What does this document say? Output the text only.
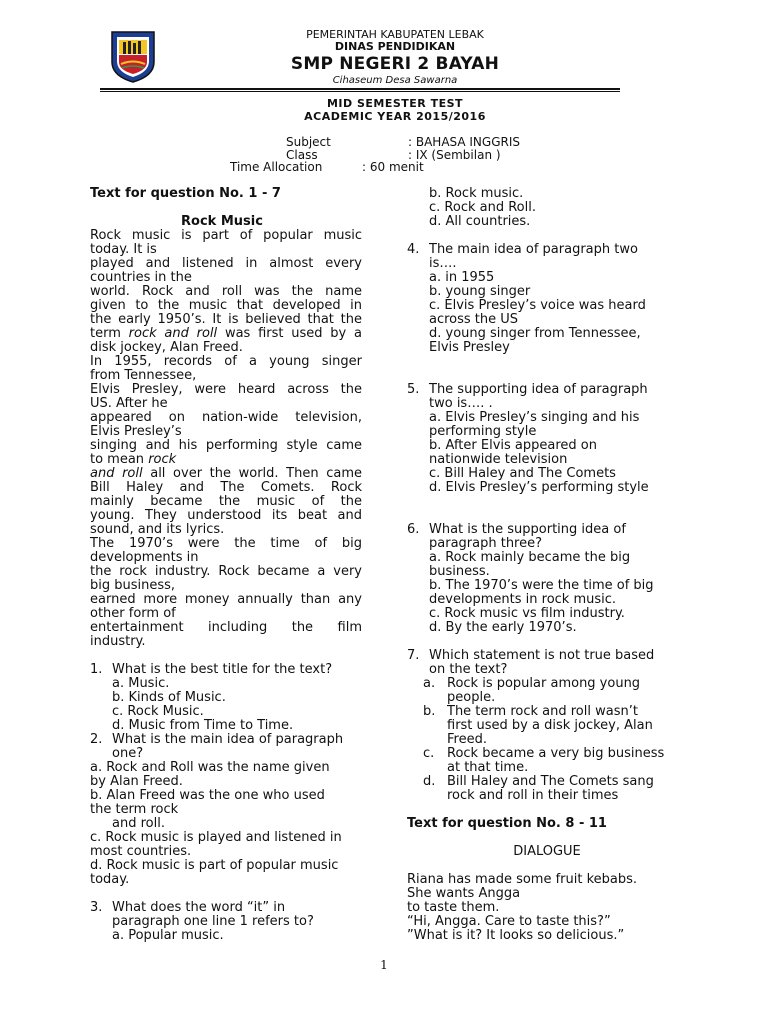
PEMERINTAH KABUPATEN LEBAK
DINAS PENDIDIKAN
SMP NEGERI 2 BAYAH
Cihaseum Desa Sawarna
MID SEMESTER TEST
ACADEMIC YEAR 2015/2016
Subject	: BAHASA INGGRIS
Class	: IX (Sembilan )
Time Allocation	: 60 menit

Text for question No. 1 - 7

Rock Music

Rock music is part of popular music

today. It is

played and listened in almost every

countries in the

world. Rock and roll was the name

given to the music that developed in

the early 1950’s. It is believed that the

term rock and roll was first used by a

disk jockey, Alan Freed.

In 1955, records of a young singer

from Tennessee,

Elvis Presley, were heard across the

US. After he

appeared on nation-wide television,

Elvis Presley’s

singing and his performing style came

to mean rock

and roll all over the world. Then came

Bill Haley and The Comets. Rock

mainly became the music of the

young. They understood its beat and

sound, and its lyrics.

The 1970’s were the time of big

developments in

the rock industry. Rock became a very

big business,

earned more money annually than any

other form of

entertainment including the film

industry.

1. What is the best title for the text?

a. Music.

b. Kinds of Music.

c. Rock Music.

d. Music from Time to Time.

2. What is the main idea of paragraph

one?

a. Rock and Roll was the name given

by Alan Freed.

b. Alan Freed was the one who used

the term rock

and roll.

c. Rock music is played and listened in

most countries.

d. Rock music is part of popular music

today.

3. What does the word “it” in

paragraph one line 1 refers to?

a. Popular music.

b. Rock music.

c. Rock and Roll.

d. All countries.

4. The main idea of paragraph two

is….

a. in 1955

b. young singer

c. Elvis Presley’s voice was heard

across the US

d. young singer from Tennessee,

Elvis Presley

5. The supporting idea of paragraph

two is…. .

a. Elvis Presley’s singing and his

performing style

b. After Elvis appeared on

nationwide television

c. Bill Haley and The Comets

d. Elvis Presley’s performing style

6. What is the supporting idea of

paragraph three?

a. Rock mainly became the big

business.

b. The 1970’s were the time of big

developments in rock music.

c. Rock music vs film industry.

d. By the early 1970’s.

7. Which statement is not true based

on the text?

a. Rock is popular among young

people.

b. The term rock and roll wasn’t

first used by a disk jockey, Alan

Freed.

c. Rock became a very big business

at that time.

d. Bill Haley and The Comets sang

rock and roll in their times

Text for question No. 8 - 11

DIALOGUE

Riana has made some fruit kebabs.

She wants Angga

to taste them.

“Hi, Angga. Care to taste this?”

”What is it? It looks so delicious.”

1
